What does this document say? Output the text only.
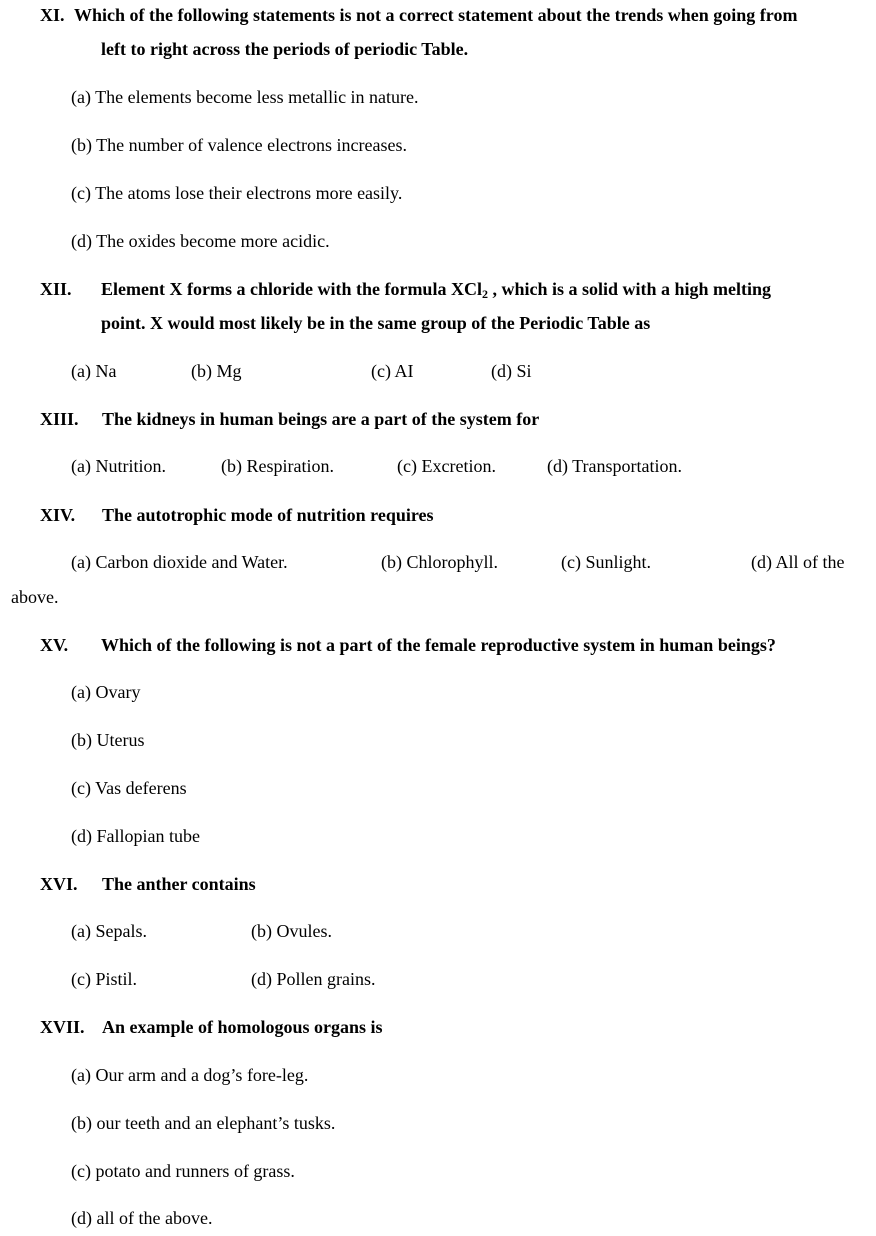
XI. Which of the following statements is not a correct statement about the trends when going from
left to right across the periods of periodic Table.
(a) The elements become less metallic in nature.
(b) The number of valence electrons increases.
(c) The atoms lose their electrons more easily.
(d) The oxides become more acidic.
XII. Element X forms a chloride with the formula XCl$_2$ , which is a solid with a high melting
point. X would most likely be in the same group of the Periodic Table as
(a) Na	(b) Mg	(c) AI	(d) Si
XIII. The kidneys in human beings are a part of the system for
(a) Nutrition.	(b) Respiration.	(c) Excretion.	(d) Transportation.
XIV. The autotrophic mode of nutrition requires
(a) Carbon dioxide and Water.	(b) Chlorophyll.	(c) Sunlight.	(d) All of the
above.
XV. Which of the following is not a part of the female reproductive system in human beings?
(a) Ovary
(b) Uterus
(c) Vas deferens
(d) Fallopian tube
XVI. The anther contains
(a) Sepals.	(b) Ovules.
(c) Pistil.	(d) Pollen grains.
XVII. An example of homologous organs is
(a) Our arm and a dog’s fore-leg.
(b) our teeth and an elephant’s tusks.
(c) potato and runners of grass.
(d) all of the above.
